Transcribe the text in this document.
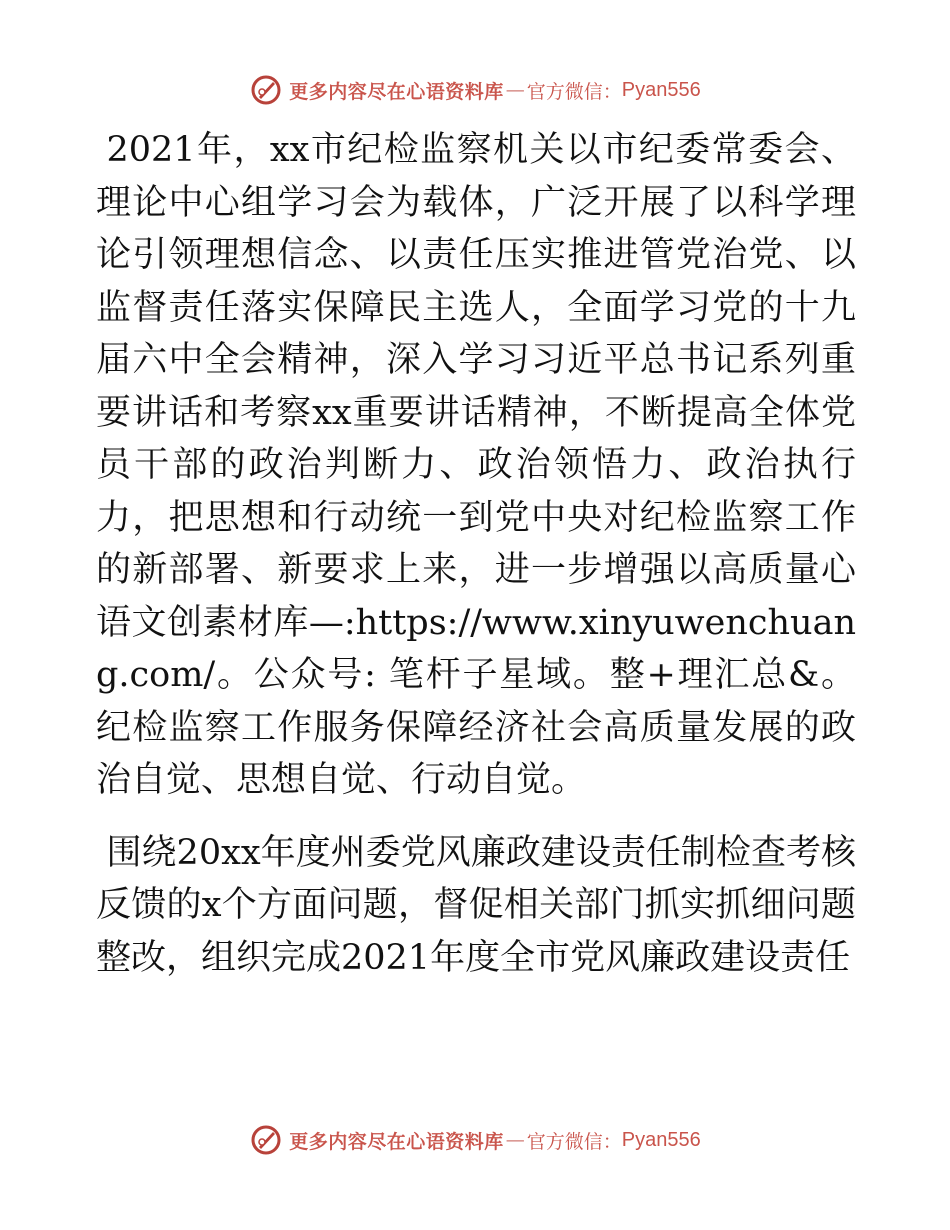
更多内容尽在心语资料库 — 官方微信： Pyan556

2021年，xx市纪检监察机关以市纪委常委会、理论中心组学习会为载体，广泛开展了以科学理论引领理想信念、以责任压实推进管党治党、以监督责任落实保障民主选人，全面学习党的十九届六中全会精神，深入学习习近平总书记系列重要讲话和考察xx重要讲话精神，不断提高全体党员干部的政治判断力、政治领悟力、政治执行力，把思想和行动统一到党中央对纪检监察工作的新部署、新要求上来，进一步增强以高质量心语文创素材库—:https://www.xinyuwenchuang.com/。公众号: 笔杆子星域。整+理汇总&。纪检监察工作服务保障经济社会高质量发展的政治自觉、思想自觉、行动自觉。

围绕20xx年度州委党风廉政建设责任制检查考核反馈的x个方面问题，督促相关部门抓实抓细问题整改，组织完成2021年度全市党风廉政建设责任

更多内容尽在心语资料库 — 官方微信： Pyan556
